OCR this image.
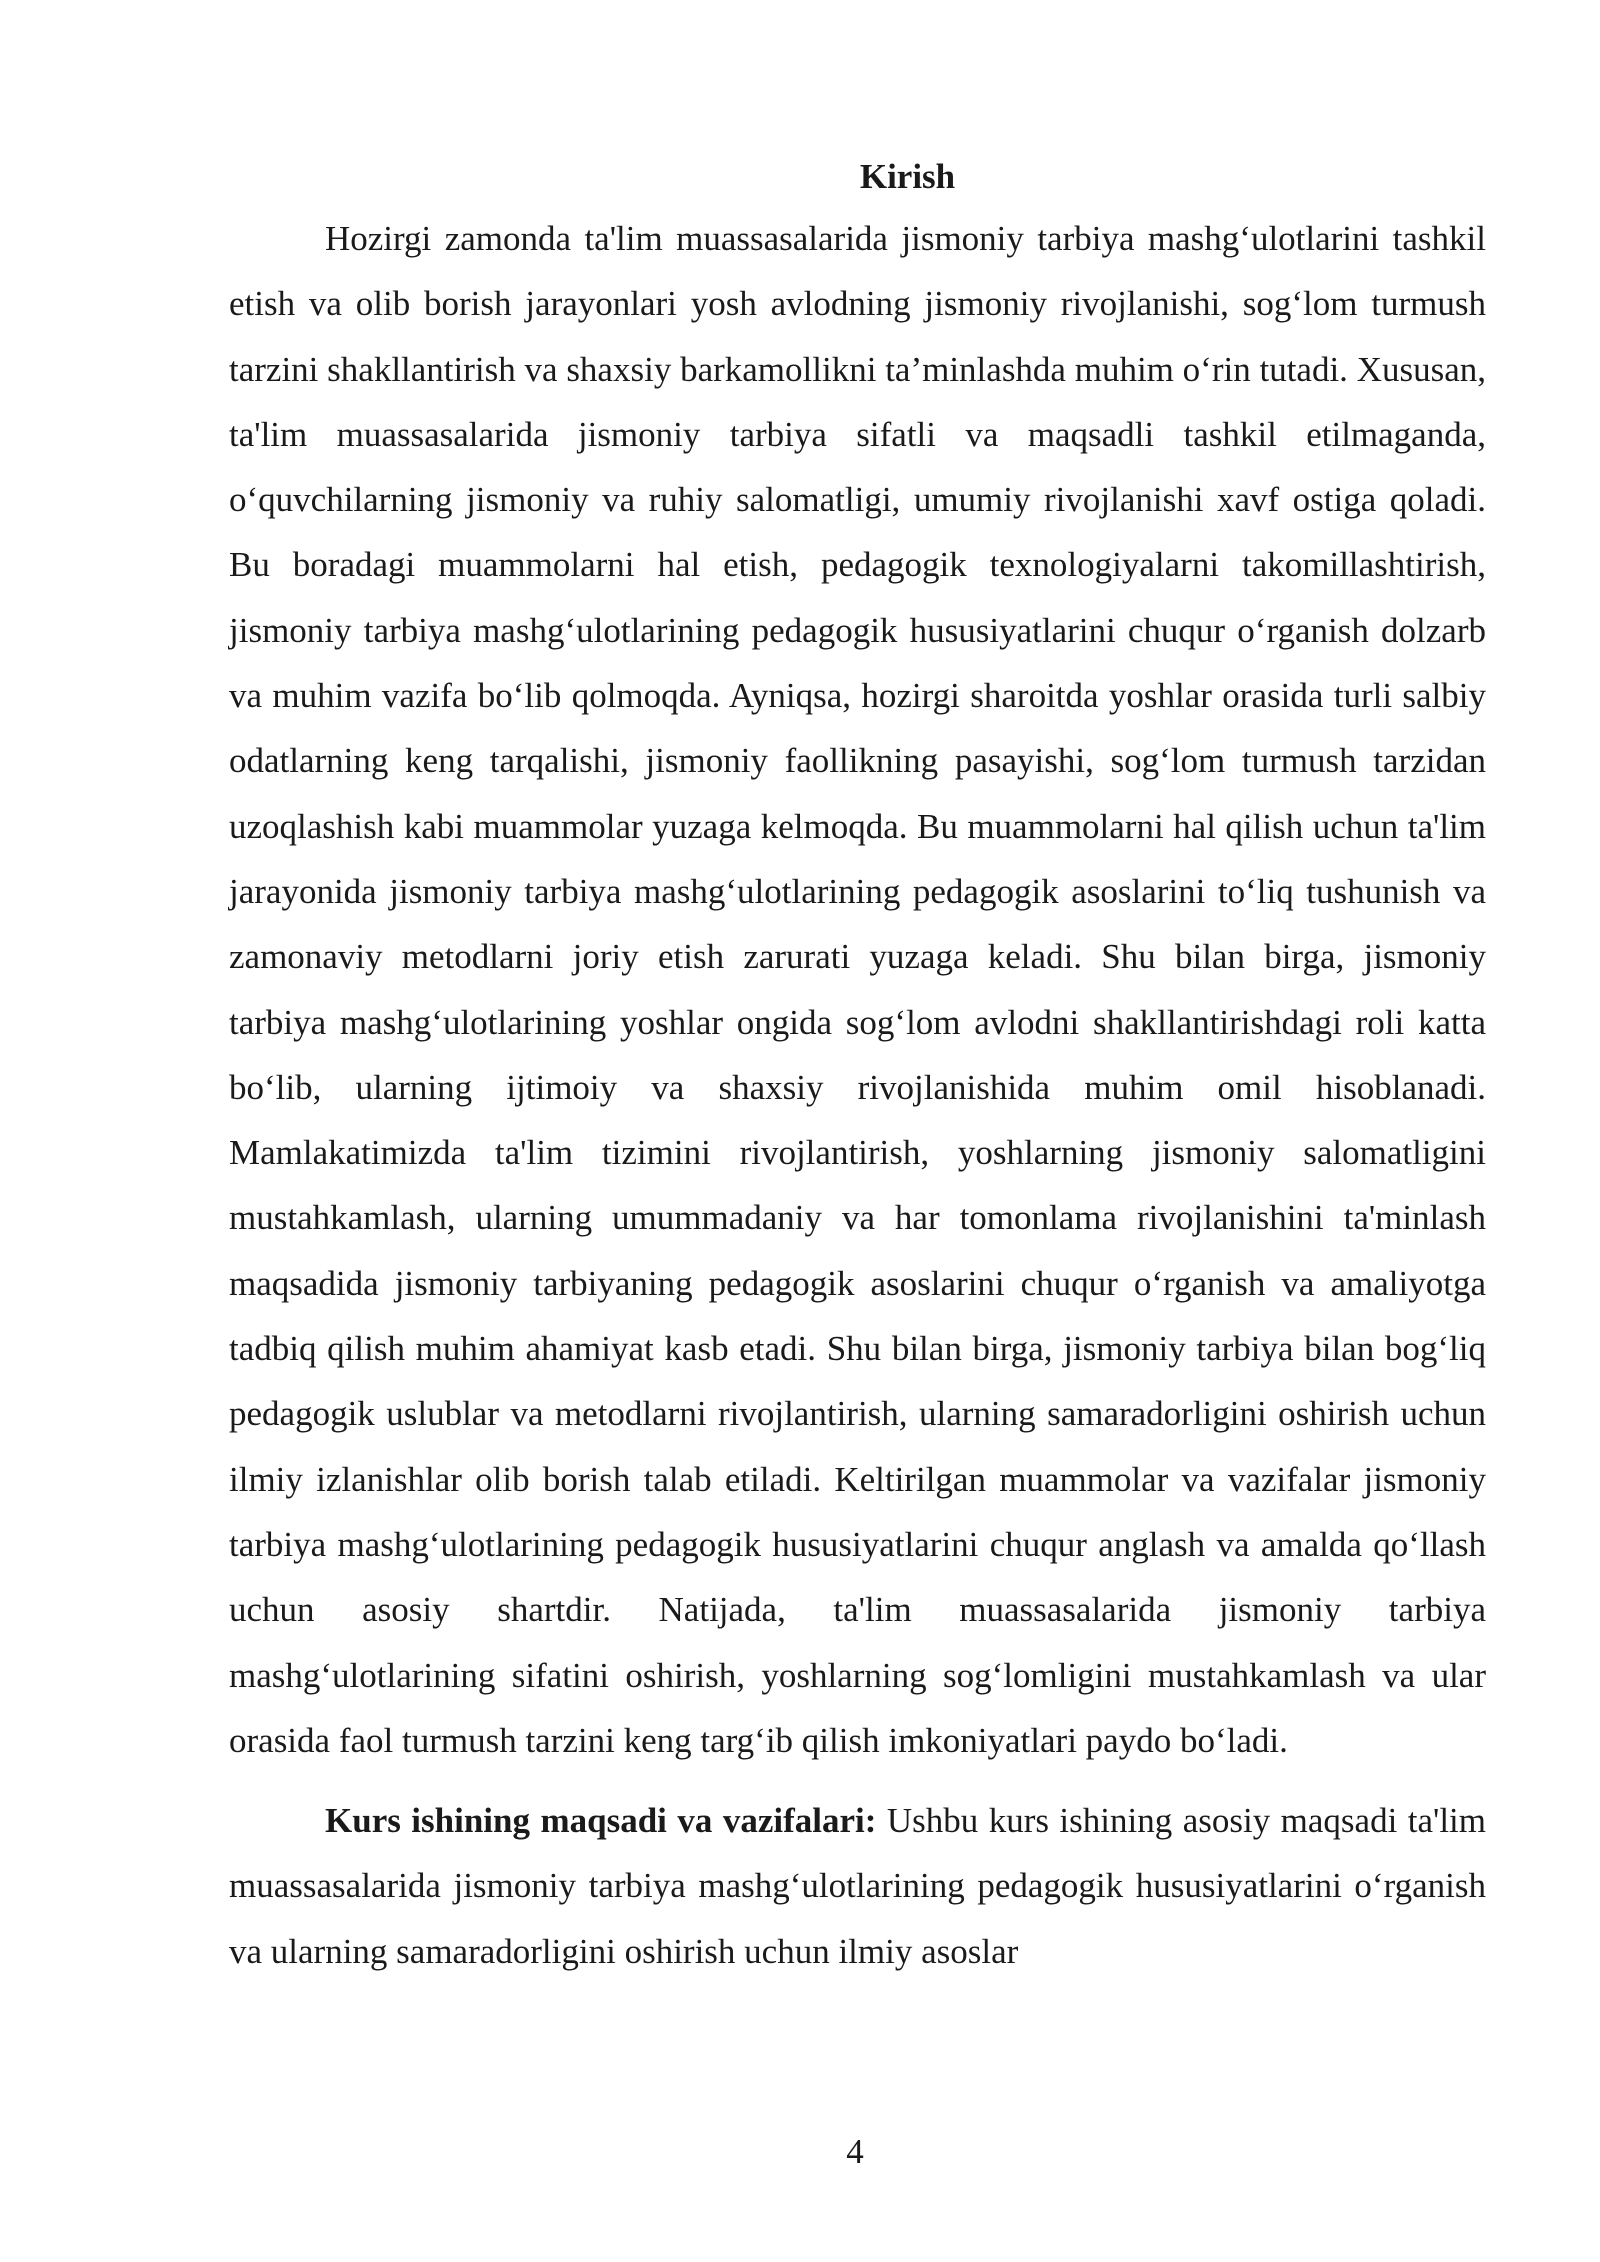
Kirish

Hozirgi zamonda ta'lim muassasalarida jismoniy tarbiya mashg‘ulotlarini tashkil etish va olib borish jarayonlari yosh avlodning jismoniy rivojlanishi, sog‘lom turmush tarzini shakllantirish va shaxsiy barkamollikni ta’minlashda muhim o‘rin tutadi. Xususan, ta'lim muassasalarida jismoniy tarbiya sifatli va maqsadli tashkil etilmaganda, o‘quvchilarning jismoniy va ruhiy salomatligi, umumiy rivojlanishi xavf ostiga qoladi. Bu boradagi muammolarni hal etish, pedagogik texnologiyalarni takomillashtirish, jismoniy tarbiya mashg‘ulotlarining pedagogik hususiyatlarini chuqur o‘rganish dolzarb va muhim vazifa bo‘lib qolmoqda. Ayniqsa, hozirgi sharoitda yoshlar orasida turli salbiy odatlarning keng tarqalishi, jismoniy faollikning pasayishi, sog‘lom turmush tarzidan uzoqlashish kabi muammolar yuzaga kelmoqda. Bu muammolarni hal qilish uchun ta'lim jarayonida jismoniy tarbiya mashg‘ulotlarining pedagogik asoslarini to‘liq tushunish va zamonaviy metodlarni joriy etish zarurati yuzaga keladi. Shu bilan birga, jismoniy tarbiya mashg‘ulotlarining yoshlar ongida sog‘lom avlodni shakllantirishdagi roli katta bo‘lib, ularning ijtimoiy va shaxsiy rivojlanishida muhim omil hisoblanadi. Mamlakatimizda ta'lim tizimini rivojlantirish, yoshlarning jismoniy salomatligini mustahkamlash, ularning umummadaniy va har tomonlama rivojlanishini ta'minlash maqsadida jismoniy tarbiyaning pedagogik asoslarini chuqur o‘rganish va amaliyotga tadbiq qilish muhim ahamiyat kasb etadi. Shu bilan birga, jismoniy tarbiya bilan bog‘liq pedagogik uslublar va metodlarni rivojlantirish, ularning samaradorligini oshirish uchun ilmiy izlanishlar olib borish talab etiladi. Keltirilgan muammolar va vazifalar jismoniy tarbiya mashg‘ulotlarining pedagogik hususiyatlarini chuqur anglash va amalda qo‘llash uchun asosiy shartdir. Natijada, ta'lim muassasalarida jismoniy tarbiya mashg‘ulotlarining sifatini oshirish, yoshlarning sog‘lomligini mustahkamlash va ular orasida faol turmush tarzini keng targ‘ib qilish imkoniyatlari paydo bo‘ladi.

Kurs ishining maqsadi va vazifalari: Ushbu kurs ishining asosiy maqsadi ta'lim muassasalarida jismoniy tarbiya mashg‘ulotlarining pedagogik hususiyatlarini o‘rganish va ularning samaradorligini oshirish uchun ilmiy asoslar

4
